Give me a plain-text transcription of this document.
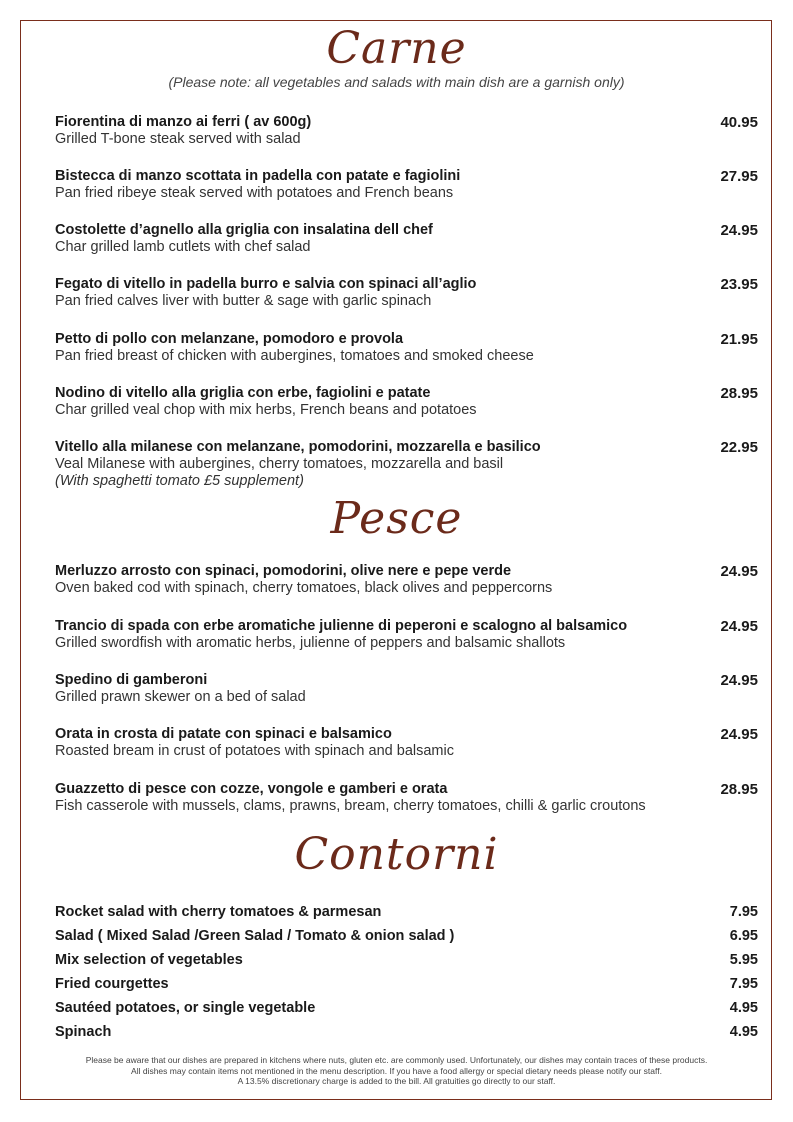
Carne
(Please note: all vegetables and salads with main dish are a garnish only)
Fiorentina di manzo ai ferri ( av 600g)
Grilled T-bone steak served with salad
40.95
Bistecca di manzo scottata in padella con patate e fagiolini
Pan fried ribeye steak served with potatoes and French beans
27.95
Costolette d’agnello alla griglia con insalatina dell chef
Char grilled lamb cutlets with chef salad
24.95
Fegato di vitello in padella burro e salvia con spinaci all’aglio
Pan fried calves liver with butter & sage with garlic spinach
23.95
Petto di pollo con melanzane, pomodoro e provola
Pan fried breast of chicken with aubergines, tomatoes and smoked cheese
21.95
Nodino di vitello alla griglia con erbe, fagiolini e patate
Char grilled veal chop with mix herbs, French beans and potatoes
28.95
Vitello alla milanese con melanzane, pomodorini, mozzarella e basilico
Veal Milanese with aubergines, cherry tomatoes, mozzarella and basil
(With spaghetti tomato £5 supplement)
22.95
Pesce
Merluzzo arrosto con spinaci, pomodorini, olive nere e pepe verde
Oven baked cod with spinach, cherry tomatoes, black olives and peppercorns
24.95
Trancio di spada con erbe aromatiche julienne di peperoni e scalogno al balsamico
Grilled swordfish with aromatic herbs, julienne of peppers and balsamic shallots
24.95
Spedino di gamberoni
Grilled prawn skewer on a bed of salad
24.95
Orata in crosta di patate con spinaci e balsamico
Roasted bream in crust of potatoes with spinach and balsamic
24.95
Guazzetto di pesce con cozze, vongole e gamberi e orata
Fish casserole with mussels, clams, prawns, bream, cherry tomatoes, chilli & garlic croutons
28.95
Contorni
Rocket salad with cherry tomatoes & parmesan	7.95
Salad ( Mixed Salad /Green Salad / Tomato & onion salad )	6.95
Mix selection of vegetables	5.95
Fried courgettes	7.95
Sautéed potatoes, or single vegetable	4.95
Spinach	4.95
Please be aware that our dishes are prepared in kitchens where nuts, gluten etc. are commonly used. Unfortunately, our dishes may contain traces of these products.
All dishes may contain items not mentioned in the menu description. If you have a food allergy or special dietary needs please notify our staff.
A 13.5% discretionary charge is added to the bill. All gratuities go directly to our staff.
